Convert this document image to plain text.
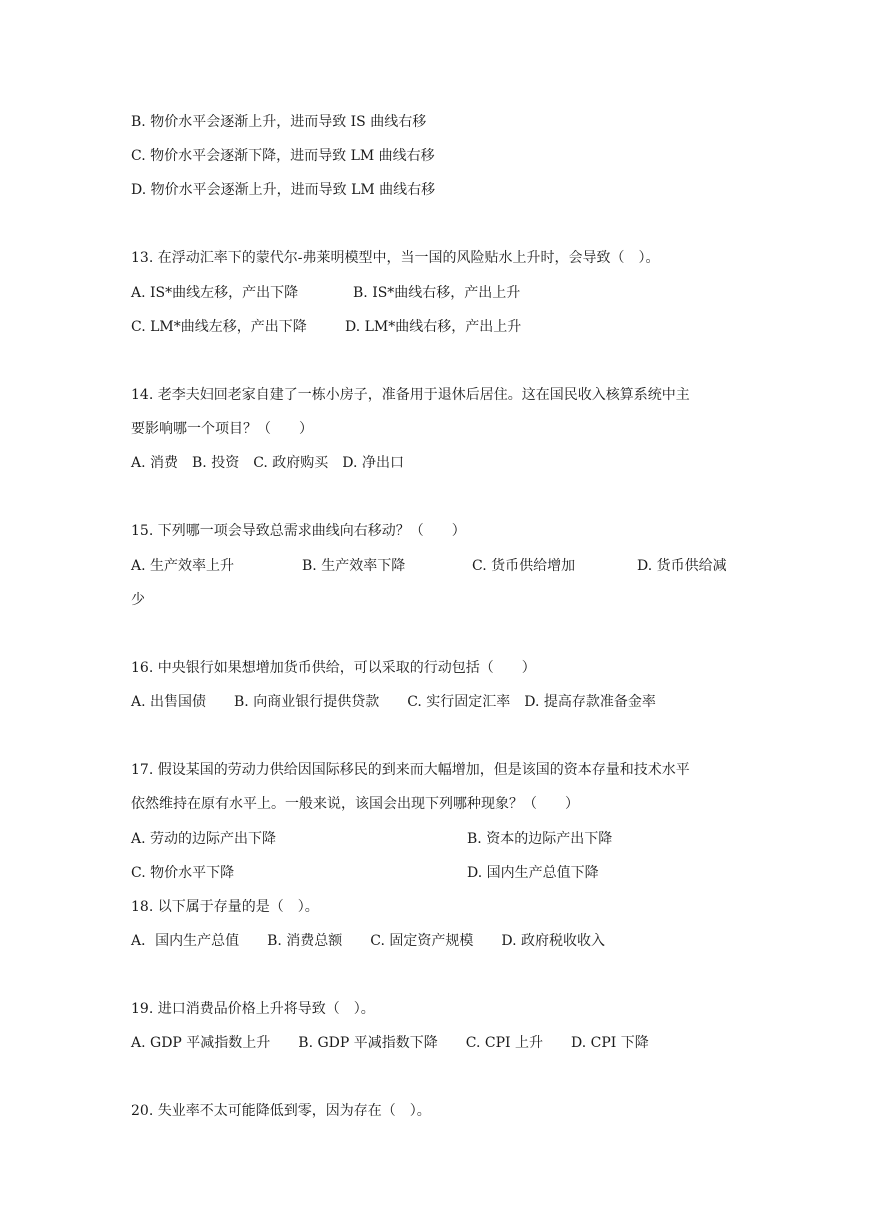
B. 物价水平会逐渐上升，进而导致 IS 曲线右移
C. 物价水平会逐渐下降，进而导致 LM 曲线右移
D. 物价水平会逐渐上升，进而导致 LM 曲线右移
13. 在浮动汇率下的蒙代尔-弗莱明模型中，当一国的风险贴水上升时，会导致（　）。
A. IS*曲线左移，产出下降	B. IS*曲线右移，产出上升
C. LM*曲线左移，产出下降	D. LM*曲线右移，产出上升
14. 老李夫妇回老家自建了一栋小房子，准备用于退休后居住。这在国民收入核算系统中主
要影响哪一个项目？（　　）
A. 消费　B. 投资　C. 政府购买　D. 净出口
15. 下列哪一项会导致总需求曲线向右移动？（　　）
A. 生产效率上升	B. 生产效率下降	C. 货币供给增加	D. 货币供给减
少
16. 中央银行如果想增加货币供给，可以采取的行动包括（　　）
A. 出售国债　　B. 向商业银行提供贷款　　C. 实行固定汇率　D. 提高存款准备金率
17. 假设某国的劳动力供给因国际移民的到来而大幅增加，但是该国的资本存量和技术水平
依然维持在原有水平上。一般来说，该国会出现下列哪种现象？（　　）
A. 劳动的边际产出下降	B. 资本的边际产出下降
C. 物价水平下降	D. 国内生产总值下降
18. 以下属于存量的是（　）。
A．国内生产总值　　B. 消费总额　　C. 固定资产规模　　D. 政府税收收入
19. 进口消费品价格上升将导致（　）。
A. GDP 平减指数上升　　B. GDP 平减指数下降　　C. CPI 上升　　D. CPI 下降
20. 失业率不太可能降低到零，因为存在（　）。
